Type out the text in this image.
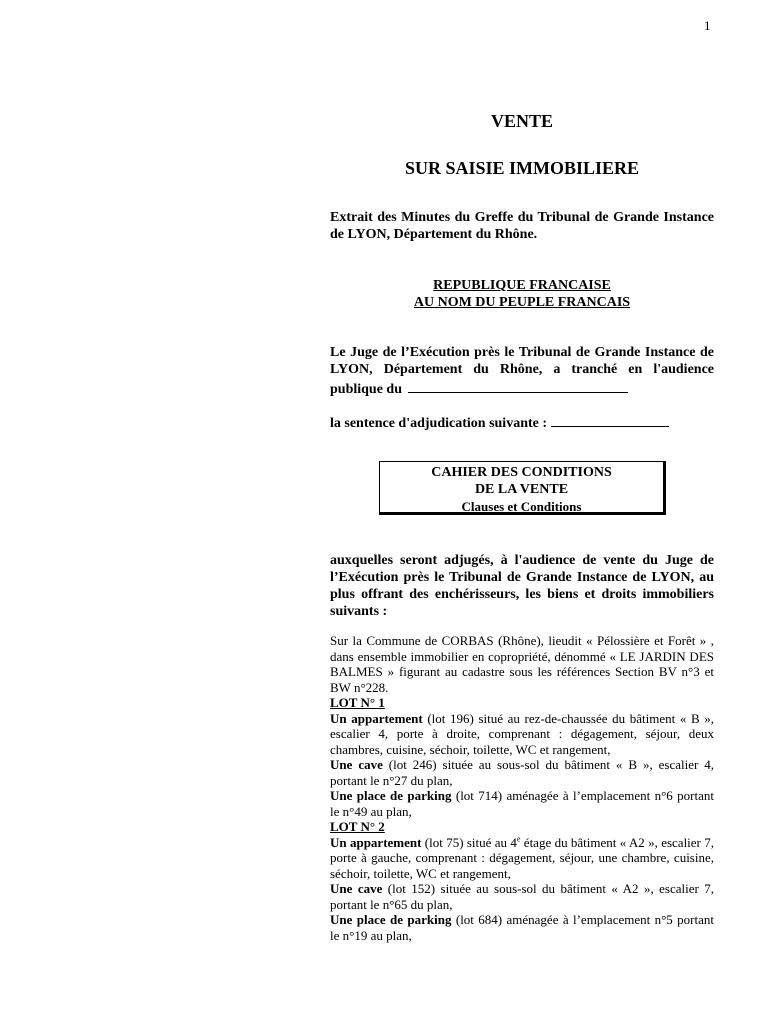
1

VENTE

SUR SAISIE IMMOBILIERE

Extrait des Minutes du Greffe du Tribunal de Grande Instance de LYON, Département du Rhône.

REPUBLIQUE FRANCAISE
AU NOM DU PEUPLE FRANCAIS

Le Juge de l’Exécution près le Tribunal de Grande Instance de LYON, Département du Rhône, a tranché en l'audience publique du

la sentence d'adjudication suivante :

CAHIER DES CONDITIONS
DE LA VENTE
Clauses et Conditions

auxquelles seront adjugés, à l'audience de vente du Juge de l’Exécution près le Tribunal de Grande Instance de LYON, au plus offrant des enchérisseurs, les biens et droits immobiliers suivants :

Sur la Commune de CORBAS (Rhône), lieudit « Pélossière et Forêt » , dans ensemble immobilier en copropriété, dénommé « LE JARDIN DES BALMES » figurant au cadastre sous les références Section BV n°3 et BW n°228.

LOT N° 1

Un appartement (lot 196) situé au rez-de-chaussée du bâtiment « B », escalier 4, porte à droite, comprenant : dégagement, séjour, deux chambres, cuisine, séchoir, toilette, WC et rangement,

Une cave (lot 246) située au sous-sol du bâtiment « B », escalier 4, portant le n°27 du plan,

Une place de parking (lot 714) aménagée à l’emplacement n°6 portant le n°49 au plan,

LOT N° 2

Un appartement (lot 75) situé au 4e étage du bâtiment « A2 », escalier 7, porte à gauche, comprenant : dégagement, séjour, une chambre, cuisine, séchoir, toilette, WC et rangement,

Une cave (lot 152) située au sous-sol du bâtiment « A2 », escalier 7, portant le n°65 du plan,

Une place de parking (lot 684) aménagée à l’emplacement n°5 portant le n°19 au plan,
